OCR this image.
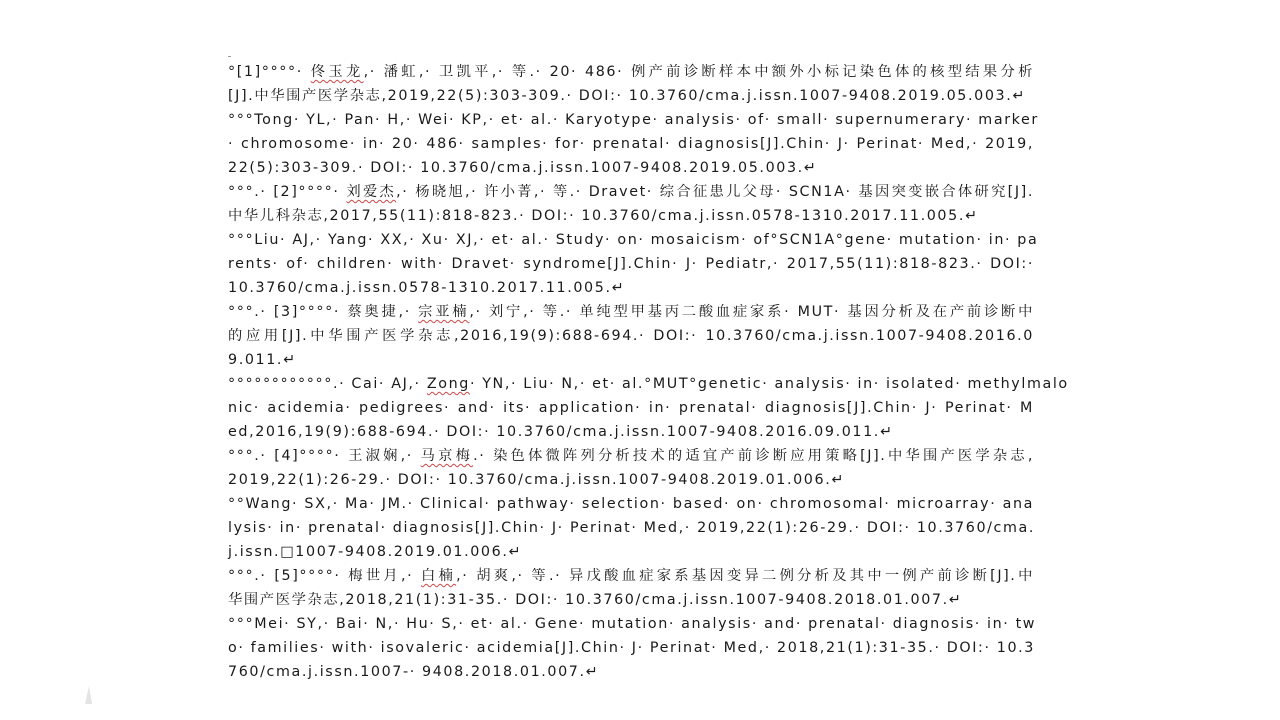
°[1]°°°°· 佟玉龙,· 潘虹,· 卫凯平,· 等.· 20· 486· 例产前诊断样本中额外小标记染色体的核型结果分析
[J].中华围产医学杂志,2019,22(5):303-309.· DOI:· 10.3760/cma.j.issn.1007-9408.2019.05.003.↵
°°°Tong· YL,· Pan· H,· Wei· KP,· et· al.· Karyotype· analysis· of· small· supernumerary· marker
· chromosome· in· 20· 486· samples· for· prenatal· diagnosis[J].Chin· J· Perinat· Med,· 2019,
22(5):303-309.· DOI:· 10.3760/cma.j.issn.1007-9408.2019.05.003.↵
°°°.· [2]°°°°· 刘爱杰,· 杨晓旭,· 许小菁,· 等.· Dravet· 综合征患儿父母· SCN1A· 基因突变嵌合体研究[J].
中华儿科杂志,2017,55(11):818-823.· DOI:· 10.3760/cma.j.issn.0578-1310.2017.11.005.↵
°°°Liu· AJ,· Yang· XX,· Xu· XJ,· et· al.· Study· on· mosaicism· of°SCN1A°gene· mutation· in· pa
rents· of· children· with· Dravet· syndrome[J].Chin· J· Pediatr,· 2017,55(11):818-823.· DOI:·
10.3760/cma.j.issn.0578-1310.2017.11.005.↵
°°°.· [3]°°°°· 蔡奥捷,· 宗亚楠,· 刘宁,· 等.· 单纯型甲基丙二酸血症家系· MUT· 基因分析及在产前诊断中
的应用[J].中华围产医学杂志,2016,19(9):688-694.· DOI:· 10.3760/cma.j.issn.1007-9408.2016.0
9.011.↵
°°°°°°°°°°°°.· Cai· AJ,· Zong· YN,· Liu· N,· et· al.°MUT°genetic· analysis· in· isolated· methylmalo
nic· acidemia· pedigrees· and· its· application· in· prenatal· diagnosis[J].Chin· J· Perinat· M
ed,2016,19(9):688-694.· DOI:· 10.3760/cma.j.issn.1007-9408.2016.09.011.↵
°°°.· [4]°°°°· 王淑娴,· 马京梅.· 染色体微阵列分析技术的适宜产前诊断应用策略[J].中华围产医学杂志,
2019,22(1):26-29.· DOI:· 10.3760/cma.j.issn.1007-9408.2019.01.006.↵
°°Wang· SX,· Ma· JM.· Clinical· pathway· selection· based· on· chromosomal· microarray· ana
lysis· in· prenatal· diagnosis[J].Chin· J· Perinat· Med,· 2019,22(1):26-29.· DOI:· 10.3760/cma.
j.issn.□1007-9408.2019.01.006.↵
°°°.· [5]°°°°· 梅世月,· 白楠,· 胡爽,· 等.· 异戊酸血症家系基因变异二例分析及其中一例产前诊断[J].中
华围产医学杂志,2018,21(1):31-35.· DOI:· 10.3760/cma.j.issn.1007-9408.2018.01.007.↵
°°°Mei· SY,· Bai· N,· Hu· S,· et· al.· Gene· mutation· analysis· and· prenatal· diagnosis· in· tw
o· families· with· isovaleric· acidemia[J].Chin· J· Perinat· Med,· 2018,21(1):31-35.· DOI:· 10.3
760/cma.j.issn.1007-· 9408.2018.01.007.↵
